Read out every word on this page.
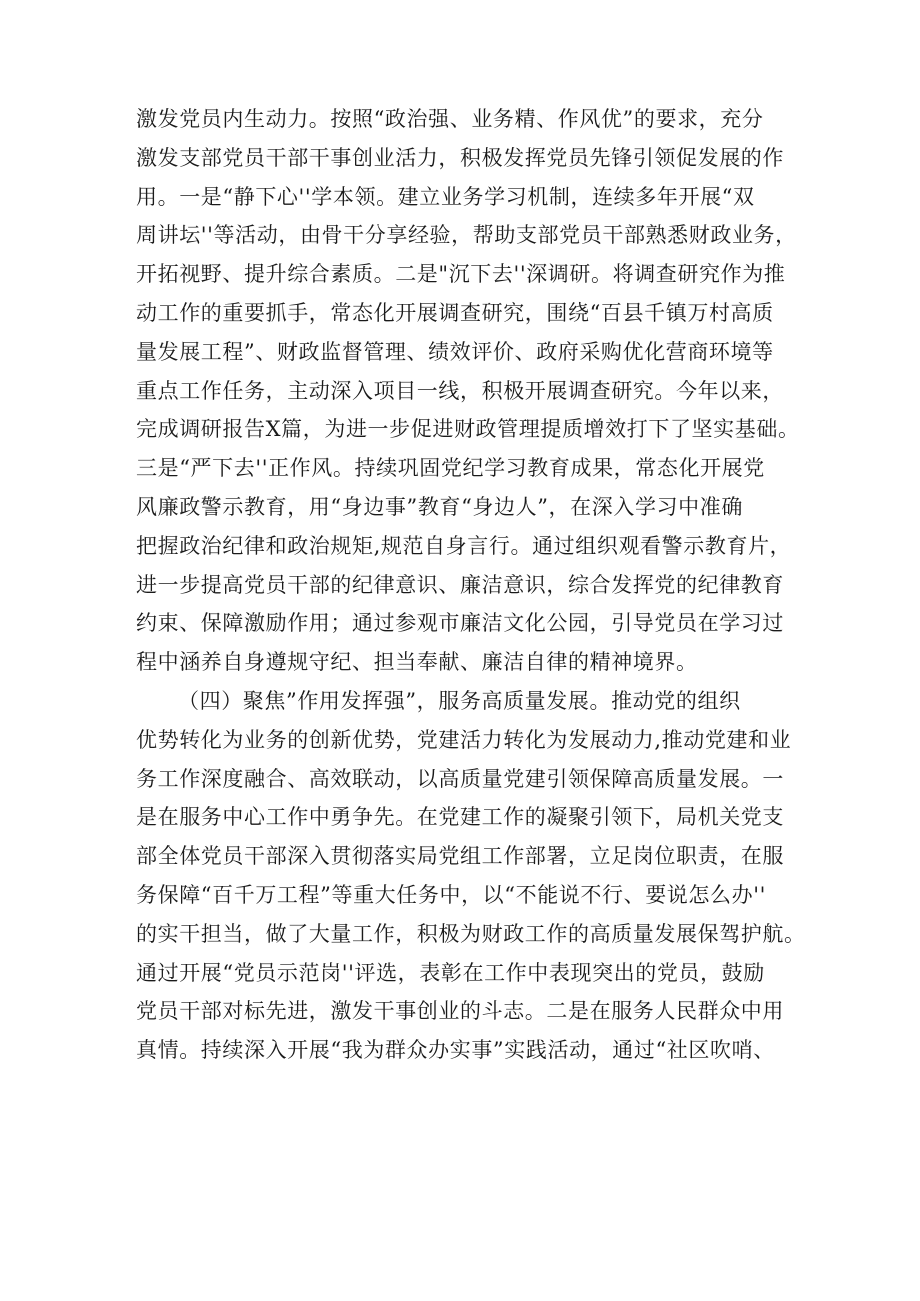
激发党员内生动力。按照“政治强、业务精、作风优”的要求，充分
激发支部党员干部干事创业活力，积极发挥党员先锋引领促发展的作
用。一是“静下心''学本领。建立业务学习机制，连续多年开展“双
周讲坛''等活动，由骨干分享经验，帮助支部党员干部熟悉财政业务，
开拓视野、提升综合素质。二是"沉下去''深调研。将调查研究作为推
动工作的重要抓手，常态化开展调查研究，围绕“百县千镇万村高质
量发展工程”、财政监督管理、绩效评价、政府采购优化营商环境等
重点工作任务，主动深入项目一线，积极开展调查研究。今年以来，
完成调研报告X篇，为进一步促进财政管理提质增效打下了坚实基础。
三是“严下去''正作风。持续巩固党纪学习教育成果，常态化开展党
风廉政警示教育，用“身边事”教育“身边人”，在深入学习中准确
把握政治纪律和政治规矩,规范自身言行。通过组织观看警示教育片，
进一步提高党员干部的纪律意识、廉洁意识，综合发挥党的纪律教育
约束、保障激励作用；通过参观市廉洁文化公园，引导党员在学习过
程中涵养自身遵规守纪、担当奉献、廉洁自律的精神境界。
（四）聚焦”作用发挥强”，服务高质量发展。推动党的组织
优势转化为业务的创新优势，党建活力转化为发展动力,推动党建和业
务工作深度融合、高效联动，以高质量党建引领保障高质量发展。一
是在服务中心工作中勇争先。在党建工作的凝聚引领下，局机关党支
部全体党员干部深入贯彻落实局党组工作部署，立足岗位职责，在服
务保障“百千万工程”等重大任务中，以“不能说不行、要说怎么办''
的实干担当，做了大量工作，积极为财政工作的高质量发展保驾护航。
通过开展“党员示范岗''评选，表彰在工作中表现突出的党员，鼓励
党员干部对标先进，激发干事创业的斗志。二是在服务人民群众中用
真情。持续深入开展“我为群众办实事”实践活动，通过“社区吹哨、
